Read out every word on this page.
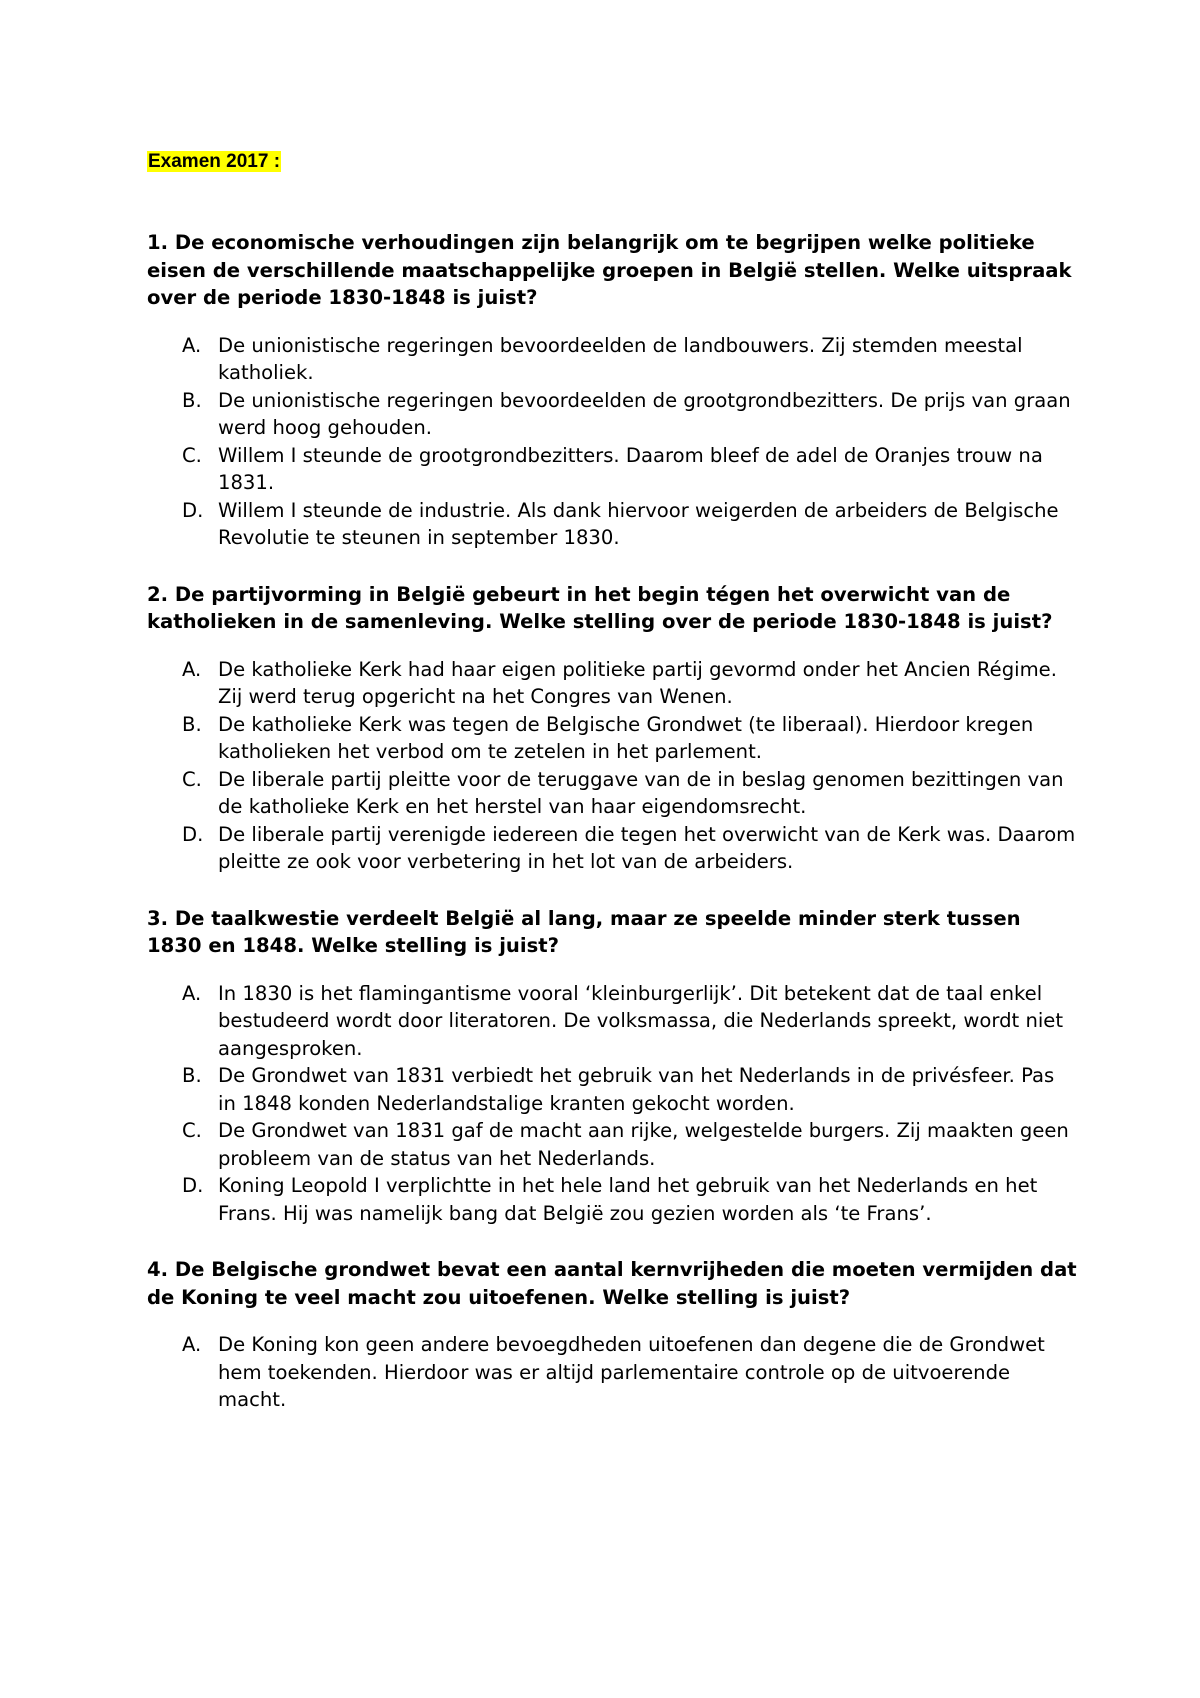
Examen 2017 :
1. De economische verhoudingen zijn belangrijk om te begrijpen welke politieke eisen de verschillende maatschappelijke groepen in België stellen. Welke uitspraak over de periode 1830-1848 is juist?
A. De unionistische regeringen bevoordeelden de landbouwers. Zij stemden meestal katholiek.
B. De unionistische regeringen bevoordeelden de grootgrondbezitters. De prijs van graan werd hoog gehouden.
C. Willem I steunde de grootgrondbezitters. Daarom bleef de adel de Oranjes trouw na 1831.
D. Willem I steunde de industrie. Als dank hiervoor weigerden de arbeiders de Belgische Revolutie te steunen in september 1830.
2. De partijvorming in België gebeurt in het begin tégen het overwicht van de katholieken in de samenleving. Welke stelling over de periode 1830-1848 is juist?
A. De katholieke Kerk had haar eigen politieke partij gevormd onder het Ancien Régime. Zij werd terug opgericht na het Congres van Wenen.
B. De katholieke Kerk was tegen de Belgische Grondwet (te liberaal). Hierdoor kregen katholieken het verbod om te zetelen in het parlement.
C. De liberale partij pleitte voor de teruggave van de in beslag genomen bezittingen van de katholieke Kerk en het herstel van haar eigendomsrecht.
D. De liberale partij verenigde iedereen die tegen het overwicht van de Kerk was. Daarom pleitte ze ook voor verbetering in het lot van de arbeiders.
3. De taalkwestie verdeelt België al lang, maar ze speelde minder sterk tussen 1830 en 1848. Welke stelling is juist?
A. In 1830 is het flamingantisme vooral ‘kleinburgerlijk’. Dit betekent dat de taal enkel bestudeerd wordt door literatoren. De volksmassa, die Nederlands spreekt, wordt niet aangesproken.
B. De Grondwet van 1831 verbiedt het gebruik van het Nederlands in de privésfeer. Pas in 1848 konden Nederlandstalige kranten gekocht worden.
C. De Grondwet van 1831 gaf de macht aan rijke, welgestelde burgers. Zij maakten geen probleem van de status van het Nederlands.
D. Koning Leopold I verplichtte in het hele land het gebruik van het Nederlands en het Frans. Hij was namelijk bang dat België zou gezien worden als ‘te Frans’.
4. De Belgische grondwet bevat een aantal kernvrijheden die moeten vermijden dat de Koning te veel macht zou uitoefenen. Welke stelling is juist?
A. De Koning kon geen andere bevoegdheden uitoefenen dan degene die de Grondwet hem toekenden. Hierdoor was er altijd parlementaire controle op de uitvoerende macht.
